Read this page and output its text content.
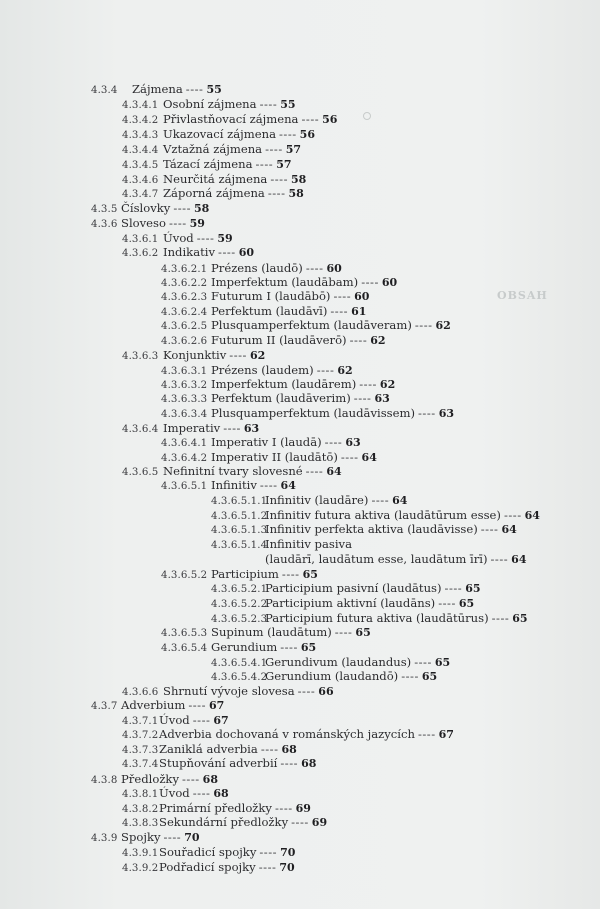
OBSAH
4.3.4 Zájmena ---- 55
4.3.4.1 Osobní zájmena ---- 55
4.3.4.2 Přivlastňovací zájmena ---- 56
4.3.4.3 Ukazovací zájmena ---- 56
4.3.4.4 Vztažná zájmena ---- 57
4.3.4.5 Tázací zájmena ---- 57
4.3.4.6 Neurčitá zájmena ---- 58
4.3.4.7 Záporná zájmena ---- 58
4.3.5 Číslovky ---- 58
4.3.6 Sloveso ---- 59
4.3.6.1 Úvod ---- 59
4.3.6.2 Indikativ ---- 60
4.3.6.2.1 Prézens (laudō) ---- 60
4.3.6.2.2 Imperfektum (laudābam) ---- 60
4.3.6.2.3 Futurum I (laudābō) ---- 60
4.3.6.2.4 Perfektum (laudāvī) ---- 61
4.3.6.2.5 Plusquamperfektum (laudāveram) ---- 62
4.3.6.2.6 Futurum II (laudāverō) ---- 62
4.3.6.3 Konjunktiv ---- 62
4.3.6.3.1 Prézens (laudem) ---- 62
4.3.6.3.2 Imperfektum (laudārem) ---- 62
4.3.6.3.3 Perfektum (laudāverim) ---- 63
4.3.6.3.4 Plusquamperfektum (laudāvissem) ---- 63
4.3.6.4 Imperativ ---- 63
4.3.6.4.1 Imperativ I (laudā) ---- 63
4.3.6.4.2 Imperativ II (laudātō) ---- 64
4.3.6.5 Nefinitní tvary slovesné ---- 64
4.3.6.5.1 Infinitiv ---- 64
4.3.6.5.1.1Infinitiv (laudāre) ---- 64
4.3.6.5.1.2Infinitiv futura aktiva (laudātūrum esse) ---- 64
4.3.6.5.1.3Infinitiv perfekta aktiva (laudāvisse) ---- 64
4.3.6.5.1.4Infinitiv pasiva
(laudārī, laudātum esse, laudātum īrī) ---- 64
4.3.6.5.2 Participium ---- 65
4.3.6.5.2.1Participium pasivní (laudātus) ---- 65
4.3.6.5.2.2Participium aktivní (laudāns) ---- 65
4.3.6.5.2.3Participium futura aktiva (laudātūrus) ---- 65
4.3.6.5.3 Supinum (laudātum) ---- 65
4.3.6.5.4 Gerundium ---- 65
4.3.6.5.4.1Gerundivum (laudandus) ---- 65
4.3.6.5.4.2Gerundium (laudandō) ---- 65
4.3.6.6 Shrnutí vývoje slovesa ---- 66
4.3.7 Adverbium ---- 67
4.3.7.1Úvod ---- 67
4.3.7.2Adverbia dochovaná v románských jazycích ---- 67
4.3.7.3Zaniklá adverbia ---- 68
4.3.7.4Stupňování adverbií ---- 68
4.3.8 Předložky ---- 68
4.3.8.1Úvod ---- 68
4.3.8.2Primární předložky ---- 69
4.3.8.3Sekundární předložky ---- 69
4.3.9 Spojky ---- 70
4.3.9.1Souřadicí spojky ---- 70
4.3.9.2Podřadicí spojky ---- 70
